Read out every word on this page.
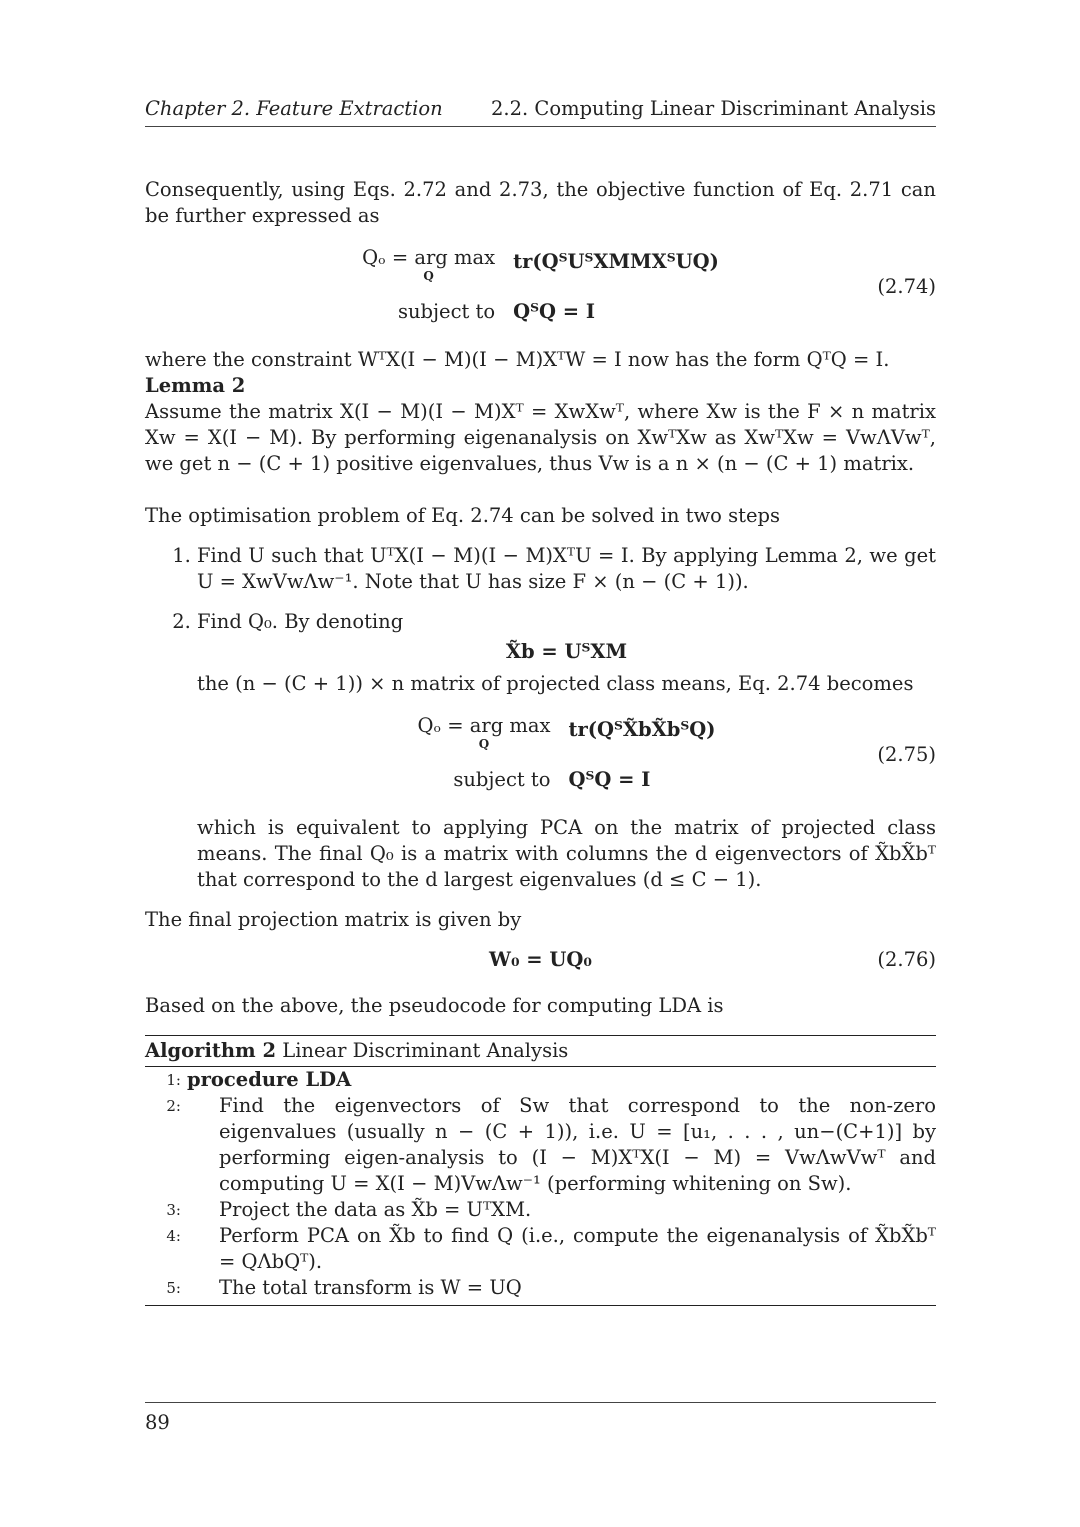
Chapter 2. Feature Extraction 2.2. Computing Linear Discriminant Analysis

Consequently, using Eqs. 2.72 and 2.73, the objective function of Eq. 2.71 can be further expressed as

Qₒ = arg max
Q
tr(QᵀUᵀXMMXᵀUQ)
subject to QᵀQ = I
(2.74)

where the constraint WᵀX(I − M)(I − M)XᵀW = I now has the form QᵀQ = I.

Lemma 2

Assume the matrix X(I − M)(I − M)Xᵀ = XwXwᵀ, where Xw is the F × n matrix Xw = X(I − M). By performing eigenanalysis on XwᵀXw as XwᵀXw = VwΛVwᵀ, we get n − (C + 1) positive eigenvalues, thus Vw is a n × (n − (C + 1) matrix.

The optimisation problem of Eq. 2.74 can be solved in two steps

1. Find U such that UᵀX(I − M)(I − M)XᵀU = I. By applying Lemma 2, we get U = XwVwΛw⁻¹. Note that U has size F × (n − (C + 1)).
2. Find Q₀. By denoting
X̃b = UᵀXM
the (n − (C + 1)) × n matrix of projected class means, Eq. 2.74 becomes
Qₒ = arg max
Q
tr(QᵀX̃bX̃bᵀQ)
subject to QᵀQ = I
(2.75)
which is equivalent to applying PCA on the matrix of projected class means. The final Q₀ is a matrix with columns the d eigenvectors of X̃bX̃bᵀ that correspond to the d largest eigenvalues (d ≤ C − 1).

The final projection matrix is given by

W₀ = UQ₀	(2.76)

Based on the above, the pseudocode for computing LDA is

Algorithm 2 Linear Discriminant Analysis
1: procedure LDA
2:	Find the eigenvectors of Sw that correspond to the non-zero eigenvalues (usually n − (C + 1)), i.e. U = [u₁, . . . , un−(C+1)] by performing eigen-analysis to (I − M)XᵀX(I − M) = VwΛwVwᵀ and computing U = X(I − M)VwΛw⁻¹ (performing whitening on Sw).
3:	Project the data as X̃b = UᵀXM.
4:	Perform PCA on X̃b to find Q (i.e., compute the eigenanalysis of X̃bX̃bᵀ = QΛbQᵀ).
5:	The total transform is W = UQ
89
